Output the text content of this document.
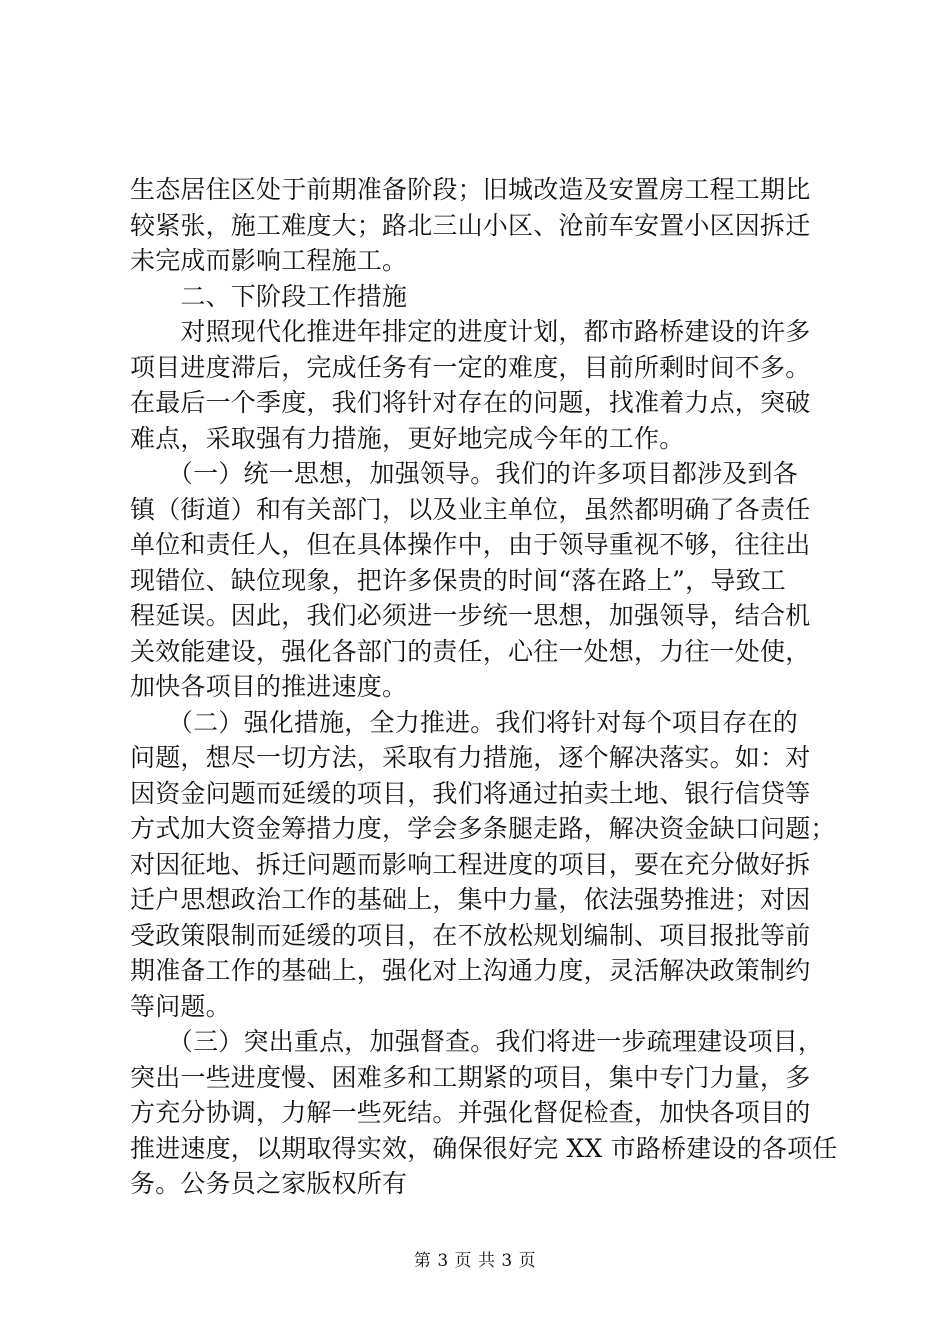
生态居住区处于前期准备阶段；旧城改造及安置房工程工期比
较紧张，施工难度大；路北三山小区、沧前车安置小区因拆迁
未完成而影响工程施工。
　　二、下阶段工作措施
　　对照现代化推进年排定的进度计划，都市路桥建设的许多
项目进度滞后，完成任务有一定的难度，目前所剩时间不多。
在最后一个季度，我们将针对存在的问题，找准着力点，突破
难点，采取强有力措施，更好地完成今年的工作。
　　（一）统一思想，加强领导。我们的许多项目都涉及到各
镇（街道）和有关部门，以及业主单位，虽然都明确了各责任
单位和责任人，但在具体操作中，由于领导重视不够，往往出
现错位、缺位现象，把许多保贵的时间“落在路上”，导致工
程延误。因此，我们必须进一步统一思想，加强领导，结合机
关效能建设，强化各部门的责任，心往一处想，力往一处使，
加快各项目的推进速度。
　　（二）强化措施，全力推进。我们将针对每个项目存在的
问题，想尽一切方法，采取有力措施，逐个解决落实。如：对
因资金问题而延缓的项目，我们将通过拍卖土地、银行信贷等
方式加大资金筹措力度，学会多条腿走路，解决资金缺口问题；
对因征地、拆迁问题而影响工程进度的项目，要在充分做好拆
迁户思想政治工作的基础上，集中力量，依法强势推进；对因
受政策限制而延缓的项目，在不放松规划编制、项目报批等前
期准备工作的基础上，强化对上沟通力度，灵活解决政策制约
等问题。
　　（三）突出重点，加强督查。我们将进一步疏理建设项目，
突出一些进度慢、困难多和工期紧的项目，集中专门力量，多
方充分协调，力解一些死结。并强化督促检查，加快各项目的
推进速度，以期取得实效，确保很好完 XX 市路桥建设的各项任
务。公务员之家版权所有
第 3 页 共 3 页
